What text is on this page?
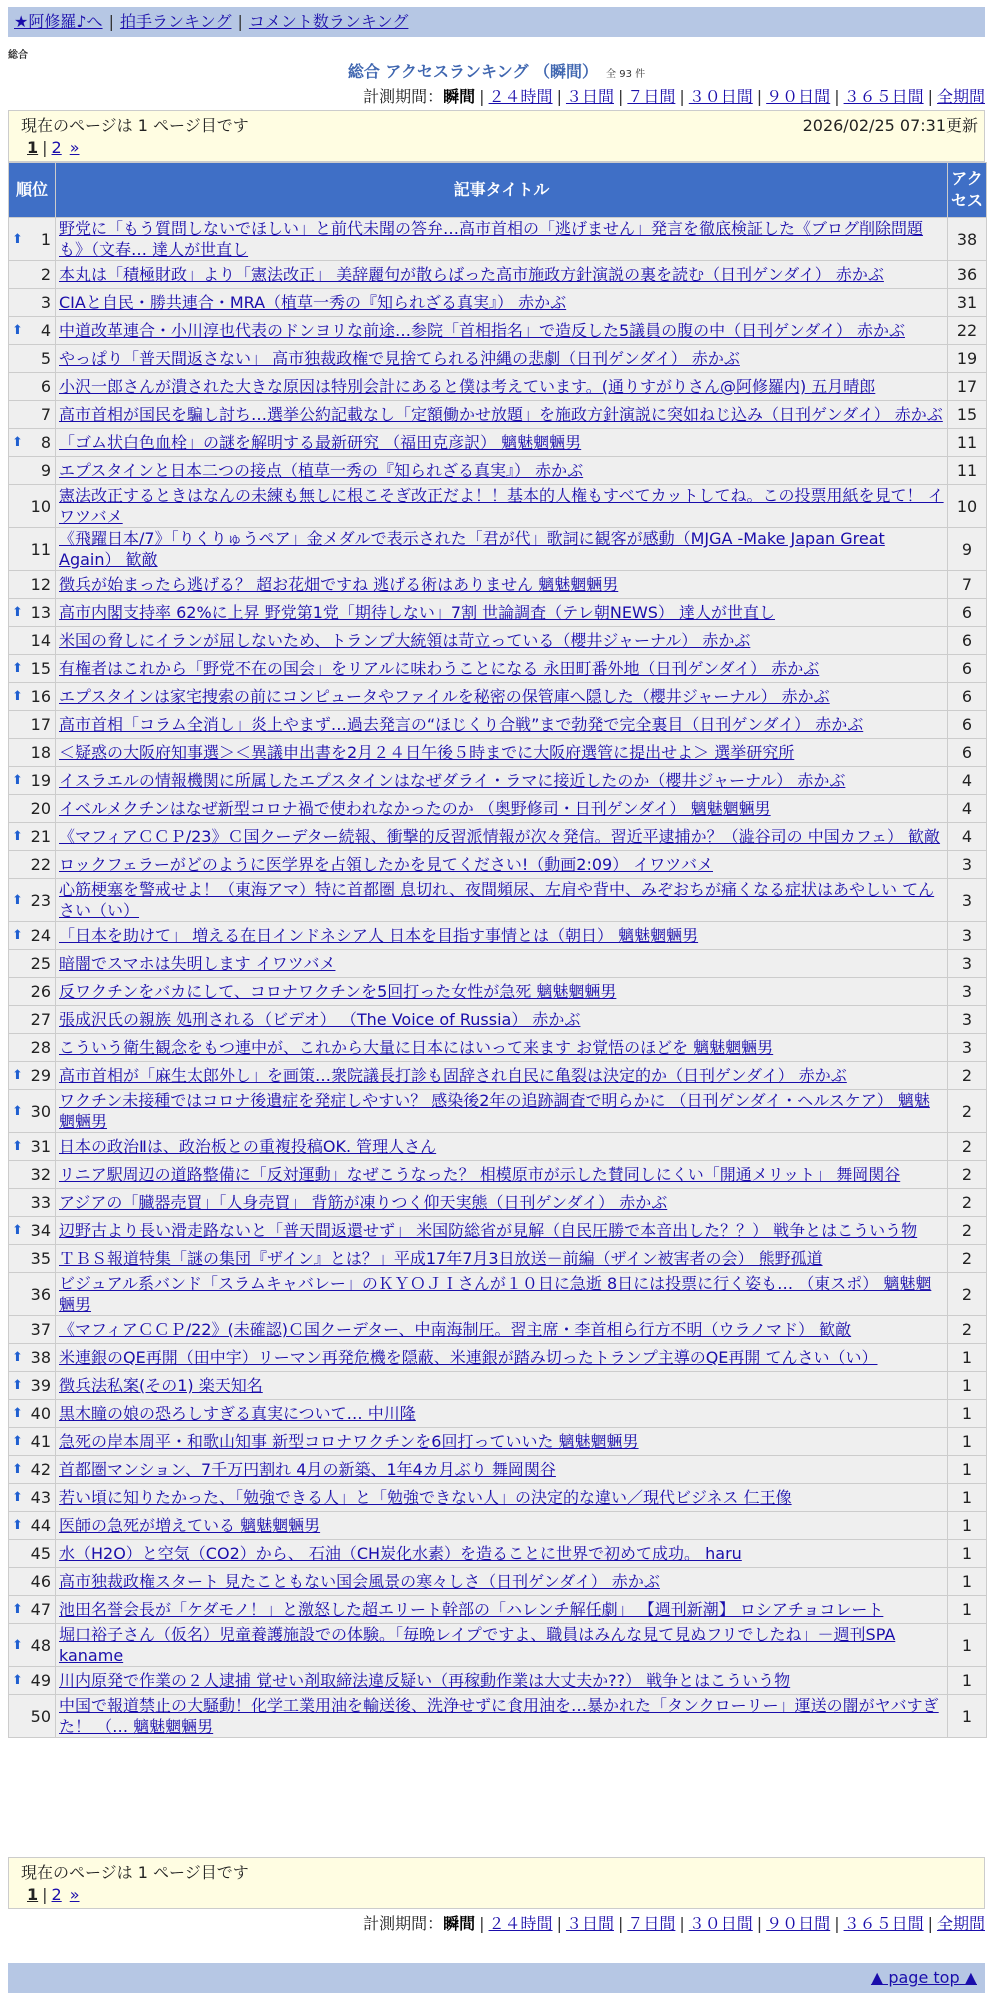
★阿修羅♪へ | 拍手ランキング | コメント数ランキング
総合
総合 アクセスランキング （瞬間） 全 93 件
計測期間：瞬間 | ２４時間 | ３日間 | ７日間 | ３０日間 | ９０日間 | ３６５日間 | 全期間
現在のページは 1 ページ目です	2026/02/25 07:31更新
1 | 2 »
順位	記事タイトル	アクセス

⬆ 1	野党に「もう質問しないでほしい」と前代未聞の答弁…高市首相の「逃げません」発言を徹底検証した《ブログ削除問題も》（文春… 達人が世直し	38
2	本丸は「積極財政」より「憲法改正」 美辞麗句が散らばった高市施政方針演説の裏を読む（日刊ゲンダイ） 赤かぶ	36
3	CIAと自民・勝共連合・MRA（植草一秀の『知られざる真実』） 赤かぶ	31

⬆ 4	中道改革連合・小川淳也代表のドンヨリな前途…参院「首相指名」で造反した5議員の腹の中（日刊ゲンダイ） 赤かぶ	22
5	やっぱり「普天間返さない」 高市独裁政権で見捨てられる沖縄の悲劇（日刊ゲンダイ） 赤かぶ	19
6	小沢一郎さんが潰された大きな原因は特別会計にあると僕は考えています。(通りすがりさん@阿修羅内) 五月晴郎	17
7	高市首相が国民を騙し討ち…選挙公約記載なし「定額働かせ放題」を施政方針演説に突如ねじ込み（日刊ゲンダイ） 赤かぶ	15

⬆ 8	「ゴム状白色血栓」の謎を解明する最新研究 （福田克彦訳） 魑魅魍魎男	11
9	エプスタインと日本二つの接点（植草一秀の『知られざる真実』） 赤かぶ	11
10	憲法改正するときはなんの未練も無しに根こそぎ改正だよ！！基本的人権もすべてカットしてね。この投票用紙を見て！ イワツバメ	10
11	《飛躍日本/7》「りくりゅうペア」金メダルで表示された「君が代」歌詞に観客が感動（MJGA -Make Japan Great Again） 歓敵	9
12	徴兵が始まったら逃げる？ 超お花畑ですね 逃げる術はありません 魑魅魍魎男	7

⬆ 13	高市内閣支持率 62%に上昇 野党第1党「期待しない」7割 世論調査（テレ朝NEWS） 達人が世直し	6
14	米国の脅しにイランが屈しないため、トランプ大統領は苛立っている（櫻井ジャーナル） 赤かぶ	6

⬆ 15	有権者はこれから「野党不在の国会」をリアルに味わうことになる 永田町番外地（日刊ゲンダイ） 赤かぶ	6

⬆ 16	エプスタインは家宅捜索の前にコンピュータやファイルを秘密の保管庫へ隠した（櫻井ジャーナル） 赤かぶ	6
17	高市首相「コラム全消し」炎上やまず…過去発言の“ほじくり合戦”まで勃発で完全裏目（日刊ゲンダイ） 赤かぶ	6
18	＜疑惑の大阪府知事選＞＜異議申出書を2月２４日午後５時までに大阪府選管に提出せよ＞ 選挙研究所	6

⬆ 19	イスラエルの情報機関に所属したエプスタインはなぜダライ・ラマに接近したのか（櫻井ジャーナル） 赤かぶ	4
20	イベルメクチンはなぜ新型コロナ禍で使われなかったのか （奥野修司・日刊ゲンダイ） 魑魅魍魎男	4

⬆ 21	《マフィアＣＣＰ/23》Ｃ国クーデター続報、衝撃的反習派情報が次々発信。習近平逮捕か？（澁谷司の 中国カフェ） 歓敵	4
22	ロックフェラーがどのように医学界を占領したかを見てください!（動画2:09） イワツバメ	3

⬆ 23	心筋梗塞を警戒せよ！（東海アマ）特に首都圏 息切れ、夜間頻尿、左肩や背中、みぞおちが痛くなる症状はあやしい てんさい（い）	3

⬆ 24	「日本を助けて」 増える在日インドネシア人 日本を目指す事情とは（朝日） 魑魅魍魎男	3
25	暗闇でスマホは失明します イワツバメ	3
26	反ワクチンをバカにして、コロナワクチンを5回打った女性が急死 魑魅魍魎男	3
27	張成沢氏の親族 処刑される（ビデオ） （The Voice of Russia） 赤かぶ	3
28	こういう衛生観念をもつ連中が、これから大量に日本にはいって来ます お覚悟のほどを 魑魅魍魎男	3

⬆ 29	高市首相が「麻生太郎外し」を画策…衆院議長打診も固辞され自民に亀裂は決定的か（日刊ゲンダイ） 赤かぶ	2

⬆ 30	ワクチン未接種ではコロナ後遺症を発症しやすい？ 感染後2年の追跡調査で明らかに （日刊ゲンダイ・ヘルスケア） 魑魅魍魎男	2

⬆ 31	日本の政治Ⅱは、政治板との重複投稿OK. 管理人さん	2
32	リニア駅周辺の道路整備に「反対運動」なぜこうなった？ 相模原市が示した賛同しにくい「開通メリット」 舞岡関谷	2
33	アジアの「臓器売買」「人身売買」 背筋が凍りつく仰天実態（日刊ゲンダイ） 赤かぶ	2

⬆ 34	辺野古より長い滑走路ないと「普天間返還せず」 米国防総省が見解（自民圧勝で本音出した？？） 戦争とはこういう物	2
35	ＴＢＳ報道特集「謎の集団『ザイン』とは？」平成17年7月3日放送－前編（ザイン被害者の会） 熊野孤道	2
36	ビジュアル系バンド「スラムキャバレー」のＫＹＯＪＩさんが１０日に急逝 8日には投票に行く姿も… （東スポ） 魑魅魍魎男	2
37	《マフィアＣＣＰ/22》(未確認)Ｃ国クーデター、中南海制圧。習主席・李首相ら行方不明（ウラノマド） 歓敵	2

⬆ 38	米連銀のQE再開（田中宇）リーマン再発危機を隠蔽、米連銀が踏み切ったトランプ主導のQE再開 てんさい（い）	1

⬆ 39	徴兵法私案(その1) 楽天知名	1

⬆ 40	黒木瞳の娘の恐ろしすぎる真実について… 中川隆	1

⬆ 41	急死の岸本周平・和歌山知事 新型コロナワクチンを6回打っていいた 魑魅魍魎男	1

⬆ 42	首都圏マンション、7千万円割れ 4月の新築、1年4カ月ぶり 舞岡関谷	1

⬆ 43	若い頃に知りたかった、「勉強できる人」と「勉強できない人」の決定的な違い／現代ビジネス 仁王像	1

⬆ 44	医師の急死が増えている 魑魅魍魎男	1
45	水（H2O）と空気（CO2）から、 石油（CH炭化水素）を造ることに世界で初めて成功。 haru	1
46	高市独裁政権スタート 見たこともない国会風景の寒々しさ（日刊ゲンダイ） 赤かぶ	1

⬆ 47	池田名誉会長が「ケダモノ！」と激怒した超エリート幹部の「ハレンチ解任劇」 【週刊新潮】 ロシアチョコレート	1

⬆ 48	堀口裕子さん（仮名）児童養護施設での体験。「毎晩レイプですよ、職員はみんな見て見ぬフリでしたね」－週刊SPA kaname	1

⬆ 49	川内原発で作業の２人逮捕 覚せい剤取締法違反疑い（再稼動作業は大丈夫か??） 戦争とはこういう物	1
50	中国で報道禁止の大騒動！化学工業用油を輸送後、洗浄せずに食用油を…暴かれた「タンクローリー」運送の闇がヤバすぎた！ （… 魑魅魍魎男	1
現在のページは 1 ページ目です
1 | 2 »
計測期間：瞬間 | ２４時間 | ３日間 | ７日間 | ３０日間 | ９０日間 | ３６５日間 | 全期間
▲ page top ▲
